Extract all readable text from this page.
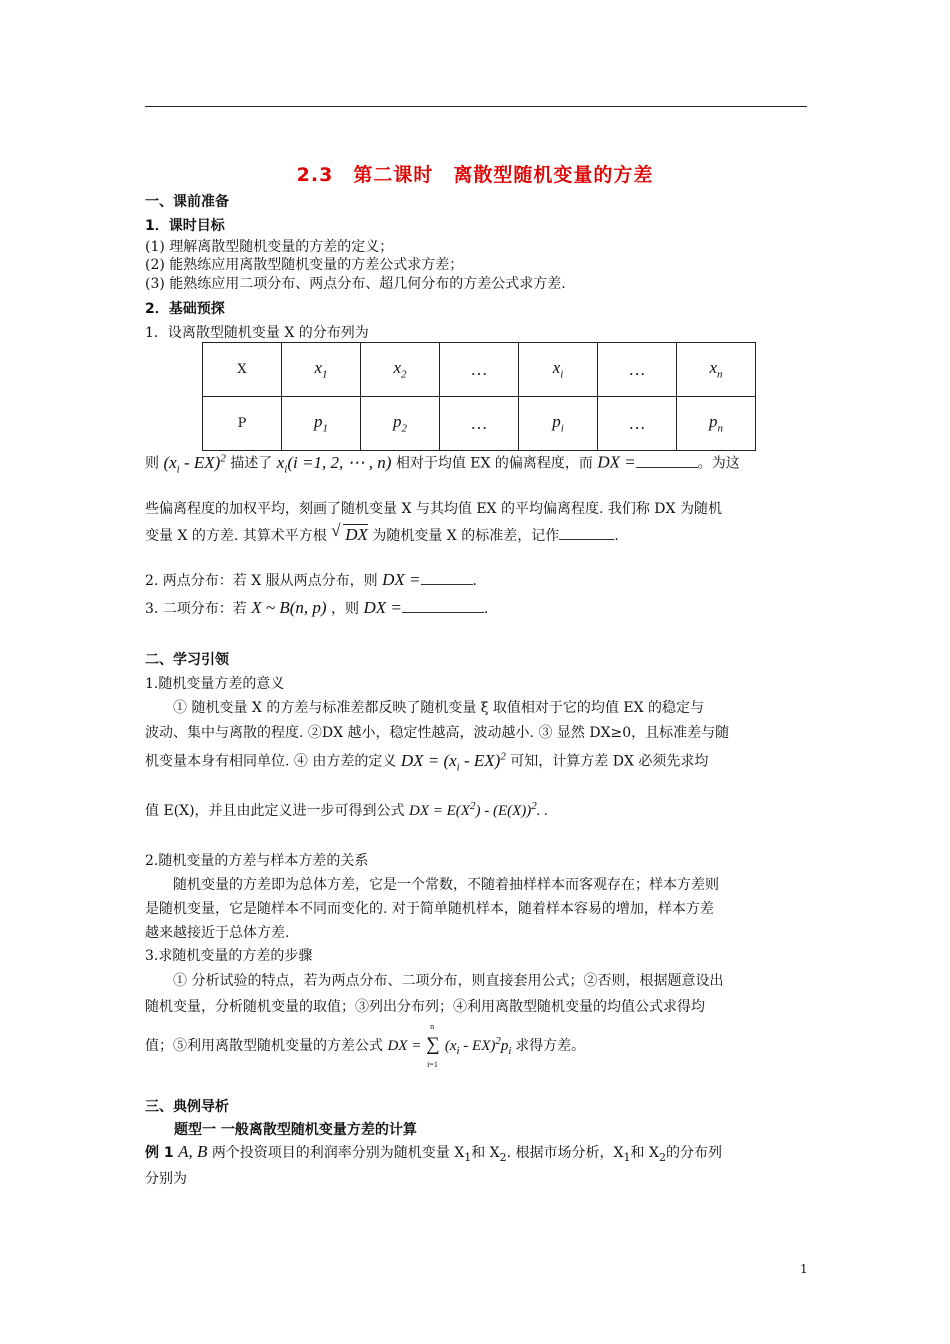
2.3　第二课时　离散型随机变量的方差
一、课前准备
1．课时目标
(1) 理解离散型随机变量的方差的定义；
(2) 能熟练应用离散型随机变量的方差公式求方差；
(3) 能熟练应用二项分布、两点分布、超几何分布的方差公式求方差.
2．基础预探
1．设离散型随机变量 X 的分布列为
X	$x_1$	$x_2$	…	$x_i$	…	$x_n$
P	$p_1$	$p_2$	…	$p_i$	…	$p_n$
则 $(x_i - EX)^2$ 描述了 $x_i(i =1$, 2, ⋯ , n) 相对于均值 EX 的偏离程度，而 DX =	。为这
些偏离程度的加权平均，刻画了随机变量 X 与其均值 EX 的平均偏离程度. 我们称 DX 为随机
变量 X 的方差. 其算术平方根 √ DX 为随机变量 X 的标准差，记作	.
2. 两点分布：若 X 服从两点分布，则 DX =	.
3. 二项分布：若 X ~ B(n, p) ，则 DX =	.
二、学习引领
1.随机变量方差的意义
① 随机变量 X 的方差与标准差都反映了随机变量 ξ 取值相对于它的均值 EX 的稳定与
波动、集中与离散的程度. ②DX 越小，稳定性越高，波动越小. ③ 显然 DX≥0，且标准差与随
机变量本身有相同单位. ④ 由方差的定义 DX = $(x_i - EX)^2$ 可知，计算方差 DX 必须先求均
值 E(X)，并且由此定义进一步可得到公式 DX = $E(X^2) - (E(X))^2$. .
2.随机变量的方差与样本方差的关系
随机变量的方差即为总体方差，它是一个常数，不随着抽样样本而客观存在；样本方差则
是随机变量，它是随样本不同而变化的. 对于简单随机样本，随着样本容易的增加，样本方差
越来越接近于总体方差.
3.求随机变量的方差的步骤
① 分析试验的特点，若为两点分布、二项分布，则直接套用公式；②否则，根据题意设出
随机变量，分析随机变量的取值；③列出分布列；④利用离散型随机变量的均值公式求得均
值；⑤利用离散型随机变量的方差公式 DX =
n
∑
i=1
$(x_i - EX)^2p_i$ 求得方差。
三、典例导析
题型一 一般离散型随机变量方差的计算
例 1 A, B 两个投资项目的利润率分别为随机变量 $X_1$和 $X_2$. 根据市场分析，$X_1$和 $X_2$的分布列
分别为
1
